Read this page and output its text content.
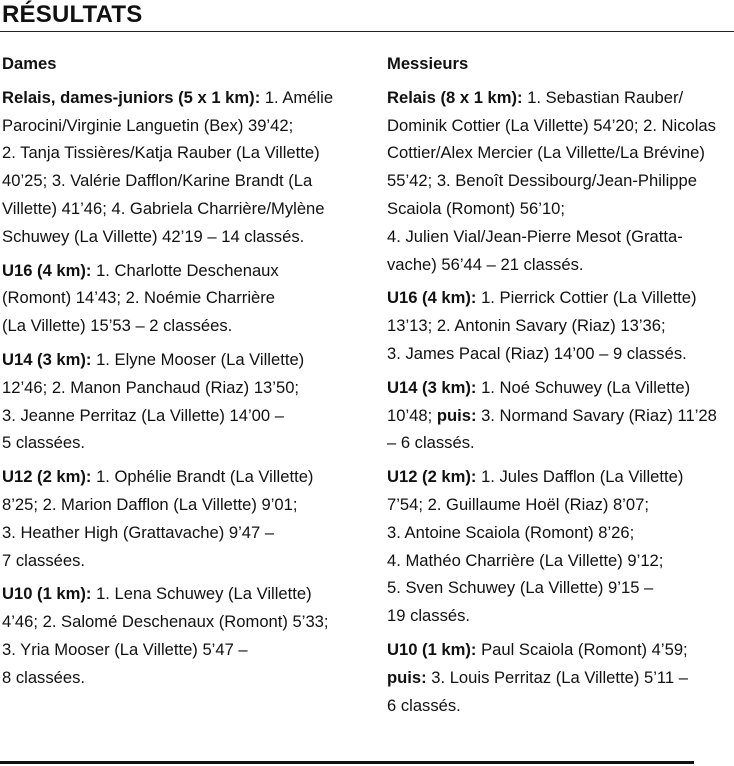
RÉSULTATS
Dames
Relais, dames-juniors (5 x 1 km): 1. Amélie
Parocini/Virginie Languetin (Bex) 39’42;
2. Tanja Tissières/Katja Rauber (La Villette)
40’25; 3. Valérie Dafflon/Karine Brandt (La
Villette) 41’46; 4. Gabriela Charrière/Mylène
Schuwey (La Villette) 42’19 – 14 classés.
U16 (4 km): 1. Charlotte Deschenaux
(Romont) 14’43; 2. Noémie Charrière
(La Villette) 15’53 – 2 classées.
U14 (3 km): 1. Elyne Mooser (La Villette)
12’46; 2. Manon Panchaud (Riaz) 13’50;
3. Jeanne Perritaz (La Villette) 14’00 –
5 classées.
U12 (2 km): 1. Ophélie Brandt (La Villette)
8’25; 2. Marion Dafflon (La Villette) 9’01;
3. Heather High (Grattavache) 9’47 –
7 classées.
U10 (1 km): 1. Lena Schuwey (La Villette)
4’46; 2. Salomé Deschenaux (Romont) 5’33;
3. Yria Mooser (La Villette) 5’47 –
8 classées.
Messieurs
Relais (8 x 1 km): 1. Sebastian Rauber/
Dominik Cottier (La Villette) 54’20; 2. Nicolas
Cottier/Alex Mercier (La Villette/La Brévine)
55’42; 3. Benoît Dessibourg/Jean-Philippe
Scaiola (Romont) 56’10;
4. Julien Vial/Jean-Pierre Mesot (Gratta-
vache) 56’44 – 21 classés.
U16 (4 km): 1. Pierrick Cottier (La Villette)
13’13; 2. Antonin Savary (Riaz) 13’36;
3. James Pacal (Riaz) 14’00 – 9 classés.
U14 (3 km): 1. Noé Schuwey (La Villette)
10’48; puis: 3. Normand Savary (Riaz) 11’28
– 6 classés.
U12 (2 km): 1. Jules Dafflon (La Villette)
7’54; 2. Guillaume Hoël (Riaz) 8’07;
3. Antoine Scaiola (Romont) 8’26;
4. Mathéo Charrière (La Villette) 9’12;
5. Sven Schuwey (La Villette) 9’15 –
19 classés.
U10 (1 km): Paul Scaiola (Romont) 4’59;
puis: 3. Louis Perritaz (La Villette) 5’11 –
6 classés.
